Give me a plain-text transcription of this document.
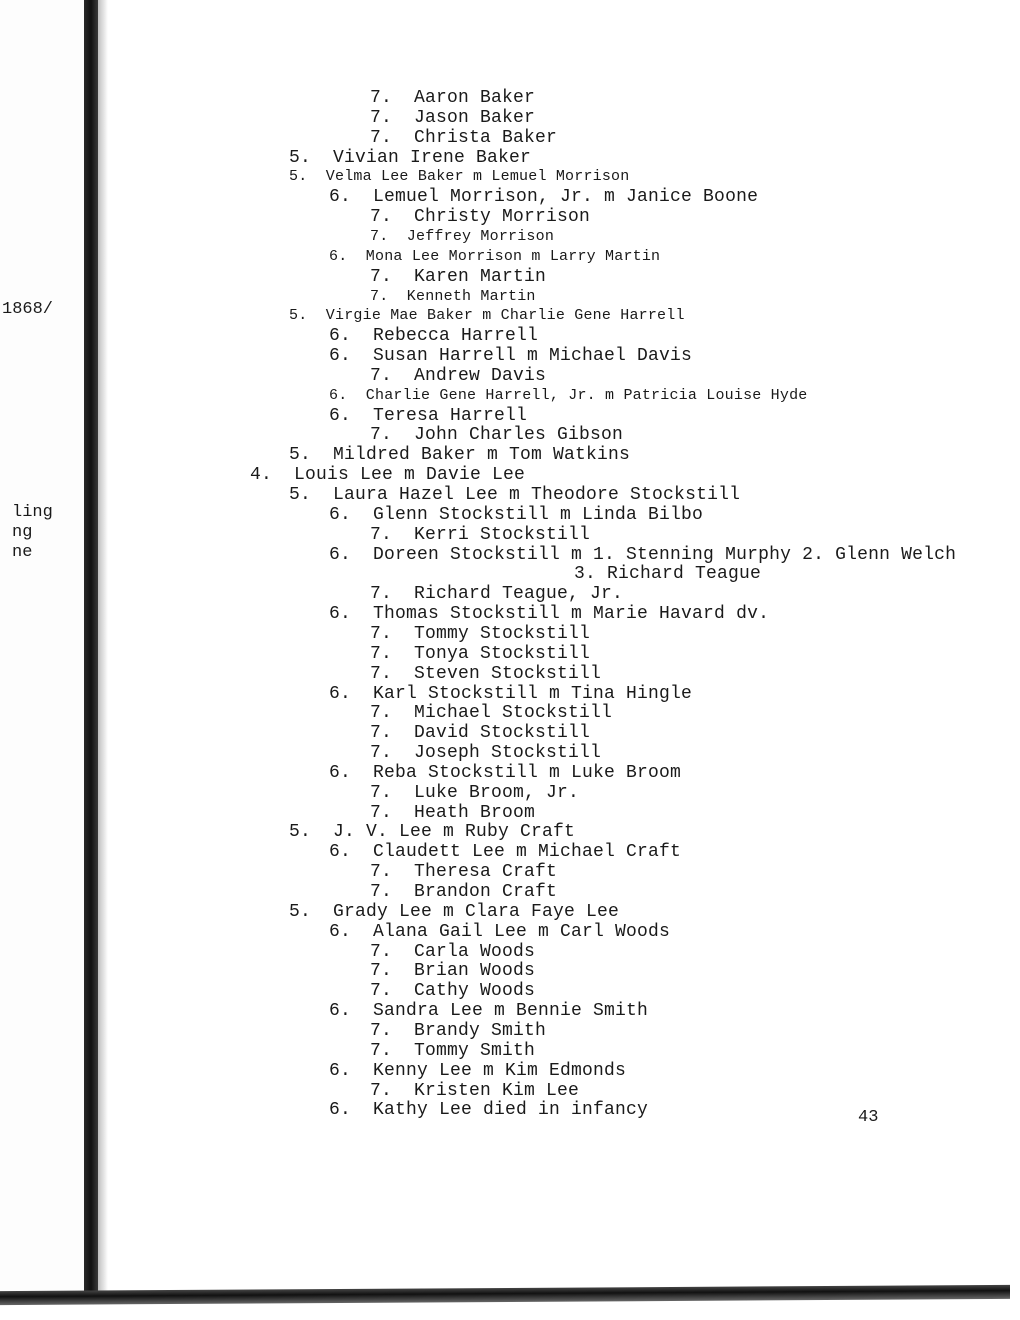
1868/
ling
ng
ne
7.  Aaron Baker
7.  Jason Baker
7.  Christa Baker
5.  Vivian Irene Baker
5.  Velma Lee Baker m Lemuel Morrison
6.  Lemuel Morrison, Jr. m Janice Boone
7.  Christy Morrison
7.  Jeffrey Morrison
6.  Mona Lee Morrison m Larry Martin
7.  Karen Martin
7.  Kenneth Martin
5.  Virgie Mae Baker m Charlie Gene Harrell
6.  Rebecca Harrell
6.  Susan Harrell m Michael Davis
7.  Andrew Davis
6.  Charlie Gene Harrell, Jr. m Patricia Louise Hyde
6.  Teresa Harrell
7.  John Charles Gibson
5.  Mildred Baker m Tom Watkins
4.  Louis Lee m Davie Lee
5.  Laura Hazel Lee m Theodore Stockstill
6.  Glenn Stockstill m Linda Bilbo
7.  Kerri Stockstill
6.  Doreen Stockstill m 1. Stenning Murphy 2. Glenn Welch
3. Richard Teague
7.  Richard Teague, Jr.
6.  Thomas Stockstill m Marie Havard dv.
7.  Tommy Stockstill
7.  Tonya Stockstill
7.  Steven Stockstill
6.  Karl Stockstill m Tina Hingle
7.  Michael Stockstill
7.  David Stockstill
7.  Joseph Stockstill
6.  Reba Stockstill m Luke Broom
7.  Luke Broom, Jr.
7.  Heath Broom
5.  J. V. Lee m Ruby Craft
6.  Claudett Lee m Michael Craft
7.  Theresa Craft
7.  Brandon Craft
5.  Grady Lee m Clara Faye Lee
6.  Alana Gail Lee m Carl Woods
7.  Carla Woods
7.  Brian Woods
7.  Cathy Woods
6.  Sandra Lee m Bennie Smith
7.  Brandy Smith
7.  Tommy Smith
6.  Kenny Lee m Kim Edmonds
7.  Kristen Kim Lee
6.  Kathy Lee died in infancy	43
